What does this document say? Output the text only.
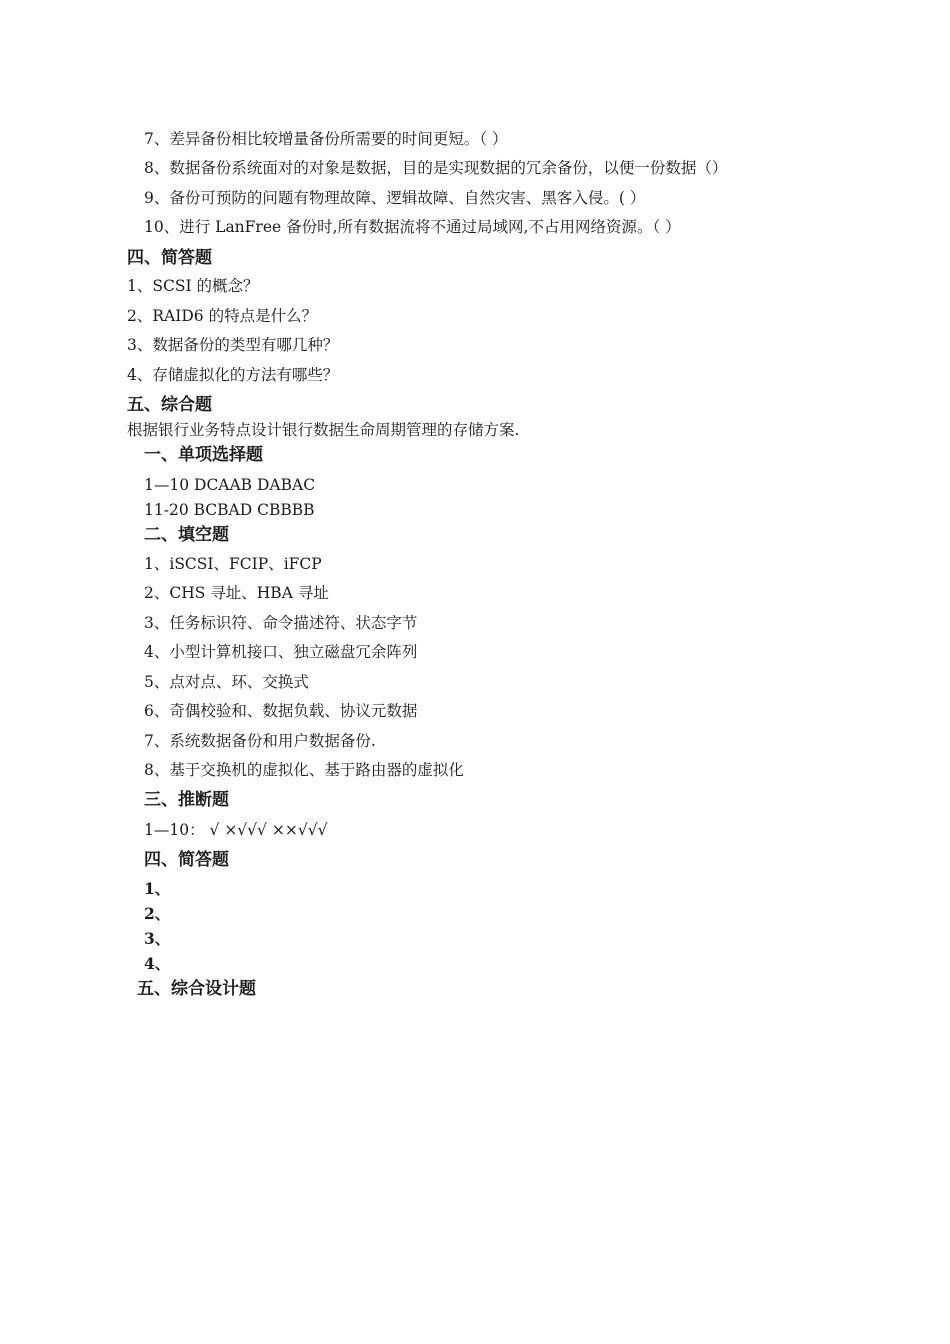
7、差异备份相比较增量备份所需要的时间更短。（ ）
8、数据备份系统面对的对象是数据，目的是实现数据的冗余备份，以便一份数据（）
9、备份可预防的问题有物理故障、逻辑故障、自然灾害、黑客入侵。( ）
10、进行 LanFree 备份时,所有数据流将不通过局域网,不占用网络资源。（ ）
四、简答题
1、SCSI 的概念？
2、RAID6 的特点是什么？
3、数据备份的类型有哪几种？
4、存储虚拟化的方法有哪些？
五、综合题
根据银行业务特点设计银行数据生命周期管理的存储方案.
一、单项选择题
1—10 DCAAB DABAC
11-20 BCBAD CBBBB
二、填空题
1、iSCSI、FCIP、iFCP
2、CHS 寻址、HBA 寻址
3、任务标识符、命令描述符、状态字节
4、小型计算机接口、独立磁盘冗余阵列
5、点对点、环、交换式
6、奇偶校验和、数据负载、协议元数据
7、系统数据备份和用户数据备份.
8、基于交换机的虚拟化、基于路由器的虚拟化
三、推断题
1—10： √ ×√√√ ××√√√
四、简答题
1、
2、
3、
4、
五、综合设计题
